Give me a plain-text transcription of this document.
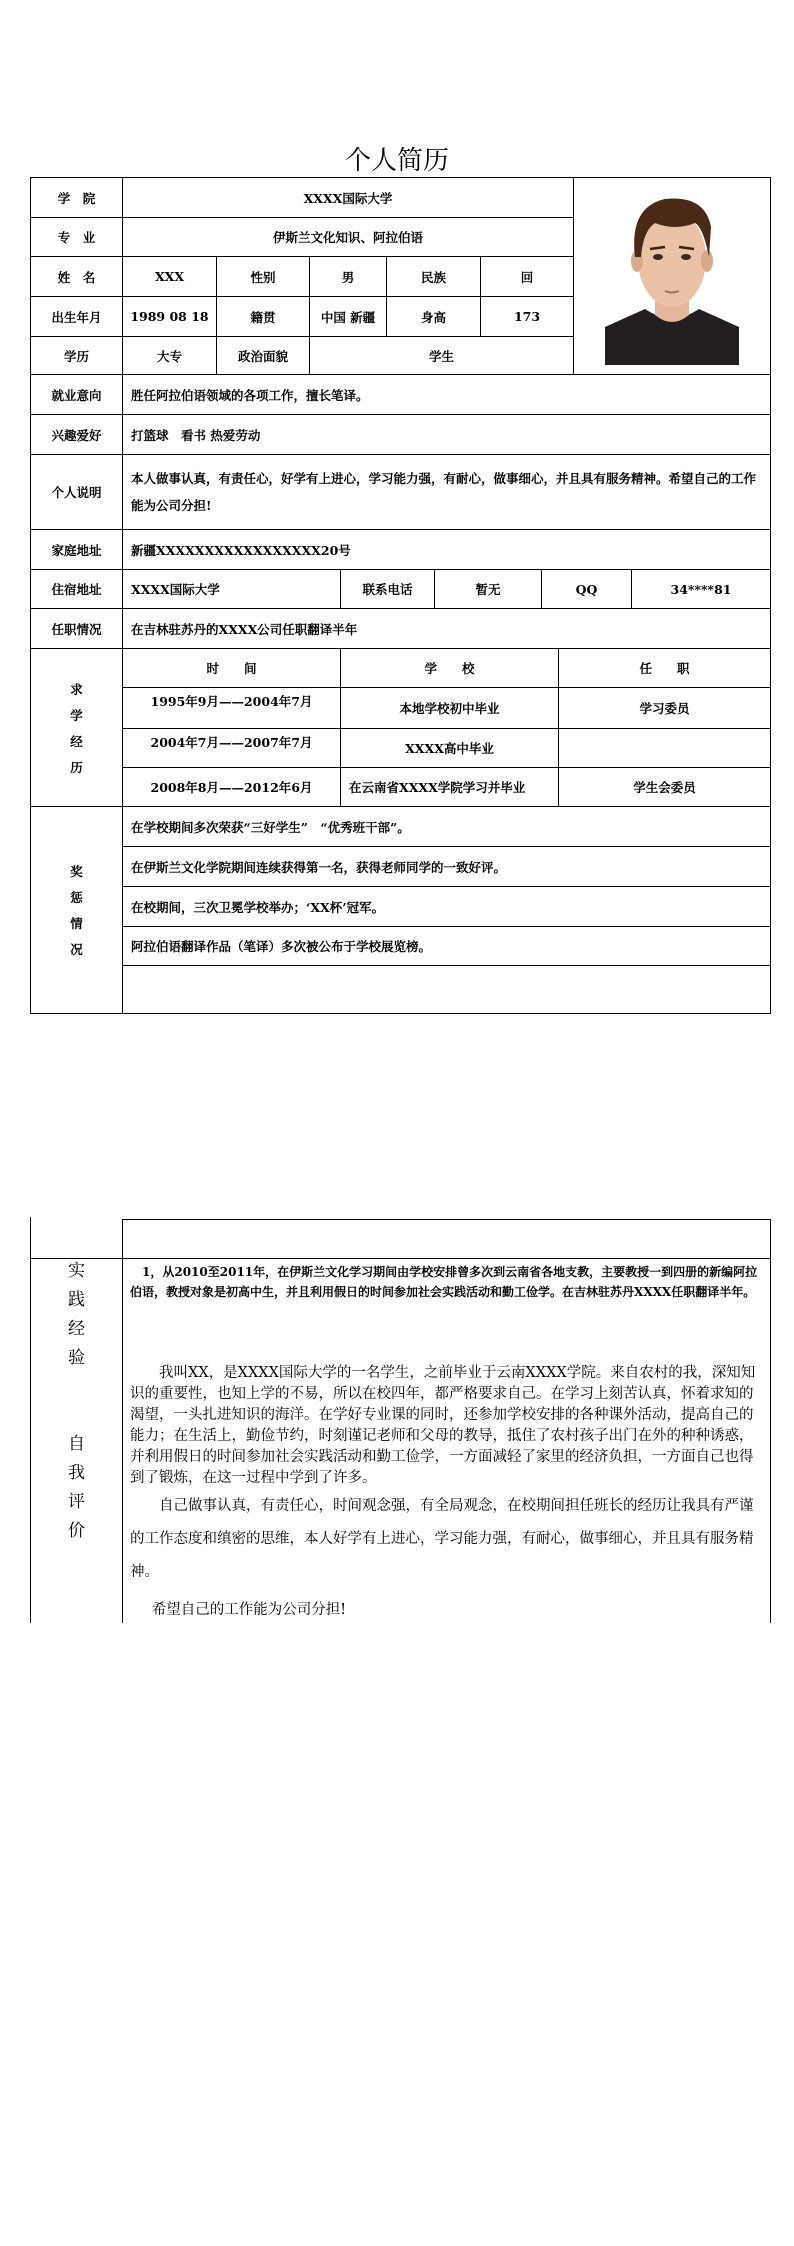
个人简历
学　院	XXXX国际大学
专　业	伊斯兰文化知识、阿拉伯语
姓　名	XXX	性别	男	民族	回
出生年月	1989 08 18	籍贯	中国 新疆	身高	173
学历	大专	政治面貌	学生
就业意向	胜任阿拉伯语领域的各项工作，擅长笔译。
兴趣爱好	打篮球　看书 热爱劳动
个人说明
本人做事认真，有责任心，好学有上进心，学习能力强，有耐心，做事细心，并且具有服务精神。希望自己的工作能为公司分担!
家庭地址	新疆XXXXXXXXXXXXXXXXX20号
住宿地址	XXXX国际大学	联系电话	暂无	QQ	34****81
任职情况	在吉林驻苏丹的XXXX公司任职翻译半年
求
学
经
历
时　　间	学　　校	任　　职
1995年9月——2004年7月	本地学校初中毕业	学习委员
2004年7月——2007年7月	XXXX高中毕业
2008年8月——2012年6月	在云南省XXXX学院学习并毕业	学生会委员
奖
惩
情
况
在学校期间多次荣获“三好学生”　“优秀班干部”。
在伊斯兰文化学院期间连续获得第一名，获得老师同学的一致好评。
在校期间，三次卫冕学校举办；‘XX杯’冠军。
阿拉伯语翻译作品（笔译）多次被公布于学校展览榜。
实
践
经
验
　1，从2010至2011年，在伊斯兰文化学习期间由学校安排曾多次到云南省各地支教，主要教授一到四册的新编阿拉伯语，教授对象是初高中生，并且利用假日的时间参加社会实践活动和勤工俭学。在吉林驻苏丹XXXX任职翻译半年。
自
我
评
价
我叫XX，是XXXX国际大学的一名学生，之前毕业于云南XXXX学院。来自农村的我，深知知识的重要性，也知上学的不易，所以在校四年，都严格要求自己。在学习上刻苦认真，怀着求知的渴望，一头扎进知识的海洋。在学好专业课的同时，还参加学校安排的各种课外活动，提高自己的能力；在生活上，勤俭节约，时刻谨记老师和父母的教导，抵住了农村孩子出门在外的种种诱惑，并利用假日的时间参加社会实践活动和勤工俭学，一方面减轻了家里的经济负担，一方面自己也得到了锻炼，在这一过程中学到了许多。
自己做事认真，有责任心，时间观念强，有全局观念，在校期间担任班长的经历让我具有严谨的工作态度和缜密的思维，本人好学有上进心，学习能力强，有耐心，做事细心，并且具有服务精神。
希望自己的工作能为公司分担!
